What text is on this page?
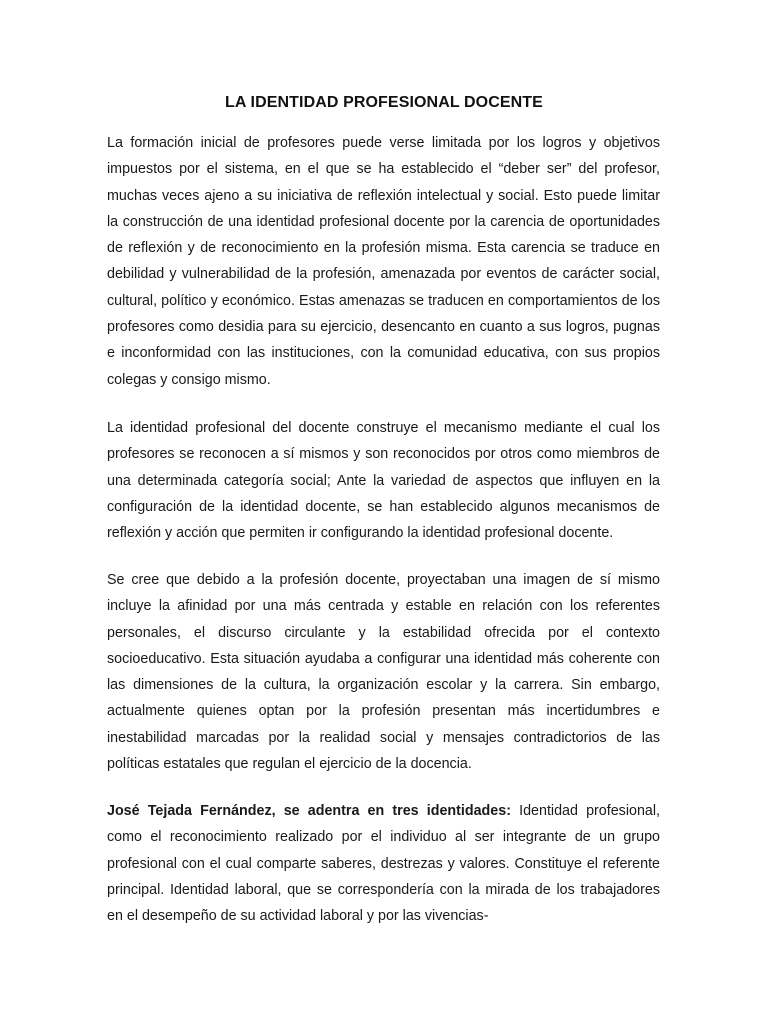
LA IDENTIDAD PROFESIONAL DOCENTE

La formación inicial de profesores puede verse limitada por los logros y objetivos impuestos por el sistema, en el que se ha establecido el “deber ser” del profesor, muchas veces ajeno a su iniciativa de reflexión intelectual y social. Esto puede limitar la construcción de una identidad profesional docente por la carencia de oportunidades de reflexión y de reconocimiento en la profesión misma. Esta carencia se traduce en debilidad y vulnerabilidad de la profesión, amenazada por eventos de carácter social, cultural, político y económico. Estas amenazas se traducen en comportamientos de los profesores como desidia para su ejercicio, desencanto en cuanto a sus logros, pugnas e inconformidad con las instituciones, con la comunidad educativa, con sus propios colegas y consigo mismo.

La identidad profesional del docente construye el mecanismo mediante el cual los profesores se reconocen a sí mismos y son reconocidos por otros como miembros de una determinada categoría social; Ante la variedad de aspectos que influyen en la configuración de la identidad docente, se han establecido algunos mecanismos de reflexión y acción que permiten ir configurando la identidad profesional docente.

Se cree que debido a la profesión docente, proyectaban una imagen de sí mismo incluye la afinidad por una más centrada y estable en relación con los referentes personales, el discurso circulante y la estabilidad ofrecida por el contexto socioeducativo. Esta situación ayudaba a configurar una identidad más coherente con las dimensiones de la cultura, la organización escolar y la carrera. Sin embargo, actualmente quienes optan por la profesión presentan más incertidumbres e inestabilidad marcadas por la realidad social y mensajes contradictorios de las políticas estatales que regulan el ejercicio de la docencia.

José Tejada Fernández, se adentra en tres identidades: Identidad profesional, como el reconocimiento realizado por el individuo al ser integrante de un grupo profesional con el cual comparte saberes, destrezas y valores. Constituye el referente principal. Identidad laboral, que se correspondería con la mirada de los trabajadores en el desempeño de su actividad laboral y por las vivencias-
